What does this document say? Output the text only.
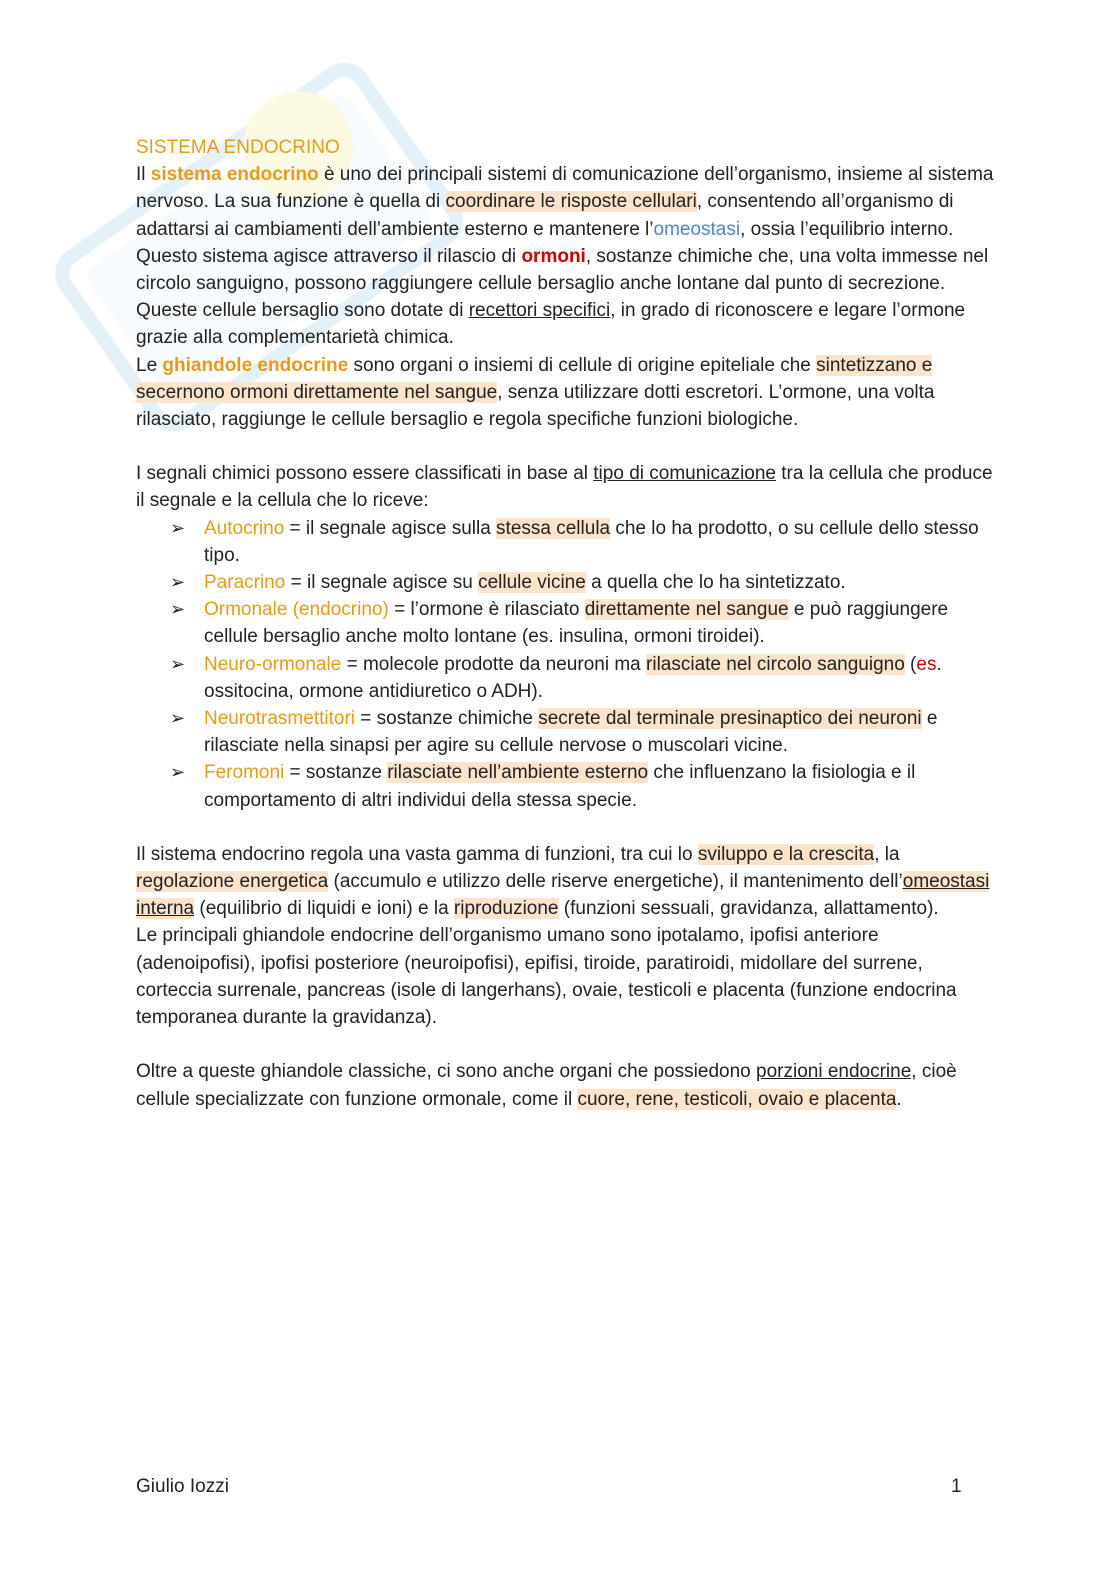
SISTEMA ENDOCRINO

Il sistema endocrino è uno dei principali sistemi di comunicazione dell’organismo, insieme al sistema nervoso. La sua funzione è quella di coordinare le risposte cellulari, consentendo all’organismo di adattarsi ai cambiamenti dell’ambiente esterno e mantenere l’omeostasi, ossia l’equilibrio interno.

Questo sistema agisce attraverso il rilascio di ormoni, sostanze chimiche che, una volta immesse nel circolo sanguigno, possono raggiungere cellule bersaglio anche lontane dal punto di secrezione. Queste cellule bersaglio sono dotate di recettori specifici, in grado di riconoscere e legare l’ormone grazie alla complementarietà chimica.

Le ghiandole endocrine sono organi o insiemi di cellule di origine epiteliale che sintetizzano e secernono ormoni direttamente nel sangue, senza utilizzare dotti escretori. L’ormone, una volta rilasciato, raggiunge le cellule bersaglio e regola specifiche funzioni biologiche.

I segnali chimici possono essere classificati in base al tipo di comunicazione tra la cellula che produce il segnale e la cellula che lo riceve:

➢ Autocrino = il segnale agisce sulla stessa cellula che lo ha prodotto, o su cellule dello stesso tipo.
➢ Paracrino = il segnale agisce su cellule vicine a quella che lo ha sintetizzato.
➢ Ormonale (endocrino) = l’ormone è rilasciato direttamente nel sangue e può raggiungere cellule bersaglio anche molto lontane (es. insulina, ormoni tiroidei).
➢ Neuro-ormonale = molecole prodotte da neuroni ma rilasciate nel circolo sanguigno (es. ossitocina, ormone antidiuretico o ADH).
➢ Neurotrasmettitori = sostanze chimiche secrete dal terminale presinaptico dei neuroni e rilasciate nella sinapsi per agire su cellule nervose o muscolari vicine.
➢ Feromoni = sostanze rilasciate nell’ambiente esterno che influenzano la fisiologia e il comportamento di altri individui della stessa specie.

Il sistema endocrino regola una vasta gamma di funzioni, tra cui lo sviluppo e la crescita, la regolazione energetica (accumulo e utilizzo delle riserve energetiche), il mantenimento dell’omeostasi interna (equilibrio di liquidi e ioni) e la riproduzione (funzioni sessuali, gravidanza, allattamento).

Le principali ghiandole endocrine dell’organismo umano sono ipotalamo, ipofisi anteriore (adenoipofisi), ipofisi posteriore (neuroipofisi), epifisi, tiroide, paratiroidi, midollare del surrene, corteccia surrenale, pancreas (isole di langerhans), ovaie, testicoli e placenta (funzione endocrina temporanea durante la gravidanza).

Oltre a queste ghiandole classiche, ci sono anche organi che possiedono porzioni endocrine, cioè cellule specializzate con funzione ormonale, come il cuore, rene, testicoli, ovaio e placenta.

Giulio Iozzi	1
